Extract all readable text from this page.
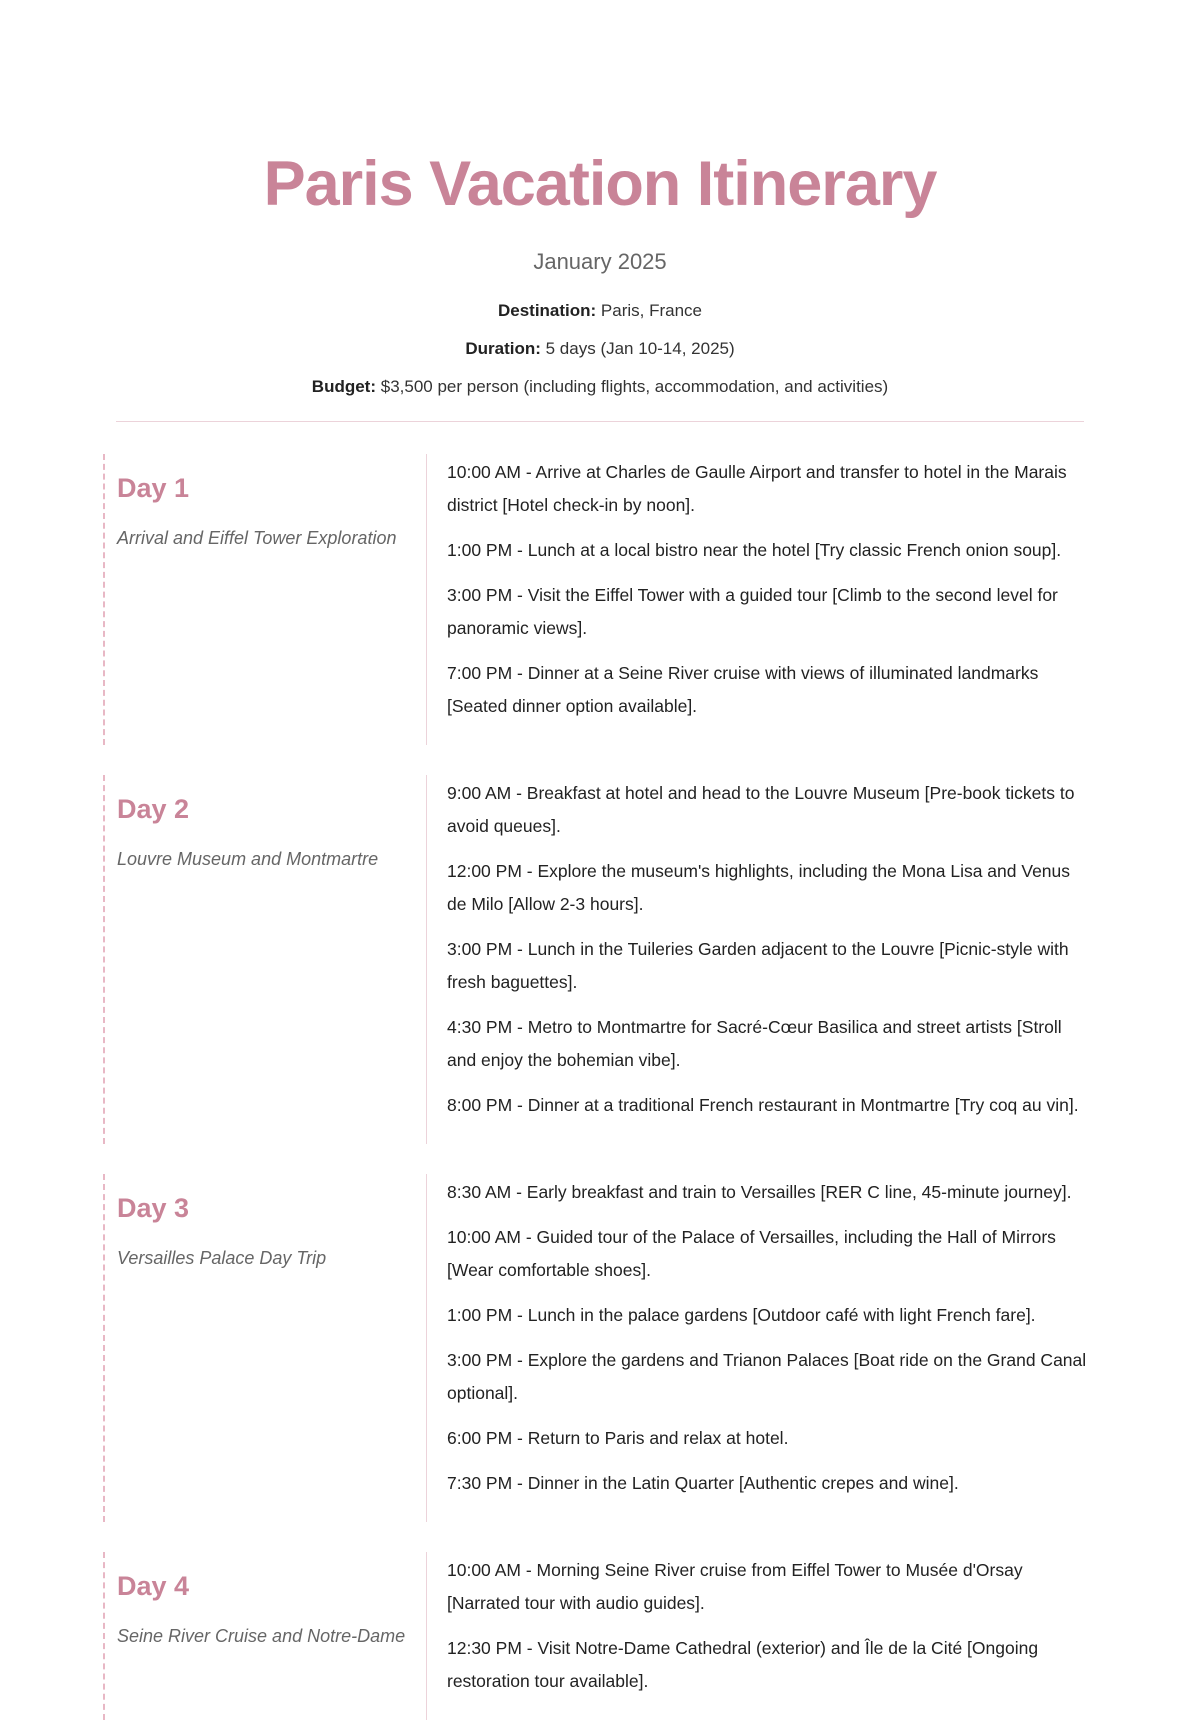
Paris Vacation Itinerary
January 2025
Destination: Paris, France
Duration: 5 days (Jan 10-14, 2025)
Budget: $3,500 per person (including flights, accommodation, and activities)
Day 1
Arrival and Eiffel Tower Exploration

10:00 AM - Arrive at Charles de Gaulle Airport and transfer to hotel in the Marais district [Hotel check-in by noon].

1:00 PM - Lunch at a local bistro near the hotel [Try classic French onion soup].

3:00 PM - Visit the Eiffel Tower with a guided tour [Climb to the second level for panoramic views].

7:00 PM - Dinner at a Seine River cruise with views of illuminated landmarks [Seated dinner option available].

Day 2
Louvre Museum and Montmartre

9:00 AM - Breakfast at hotel and head to the Louvre Museum [Pre-book tickets to avoid queues].

12:00 PM - Explore the museum's highlights, including the Mona Lisa and Venus de Milo [Allow 2-3 hours].

3:00 PM - Lunch in the Tuileries Garden adjacent to the Louvre [Picnic-style with fresh baguettes].

4:30 PM - Metro to Montmartre for Sacré-Cœur Basilica and street artists [Stroll and enjoy the bohemian vibe].

8:00 PM - Dinner at a traditional French restaurant in Montmartre [Try coq au vin].

Day 3
Versailles Palace Day Trip

8:30 AM - Early breakfast and train to Versailles [RER C line, 45-minute journey].

10:00 AM - Guided tour of the Palace of Versailles, including the Hall of Mirrors [Wear comfortable shoes].

1:00 PM - Lunch in the palace gardens [Outdoor café with light French fare].

3:00 PM - Explore the gardens and Trianon Palaces [Boat ride on the Grand Canal optional].

6:00 PM - Return to Paris and relax at hotel.

7:30 PM - Dinner in the Latin Quarter [Authentic crepes and wine].

Day 4
Seine River Cruise and Notre-Dame

10:00 AM - Morning Seine River cruise from Eiffel Tower to Musée d'Orsay [Narrated tour with audio guides].

12:30 PM - Visit Notre-Dame Cathedral (exterior) and Île de la Cité [Ongoing restoration tour available].
